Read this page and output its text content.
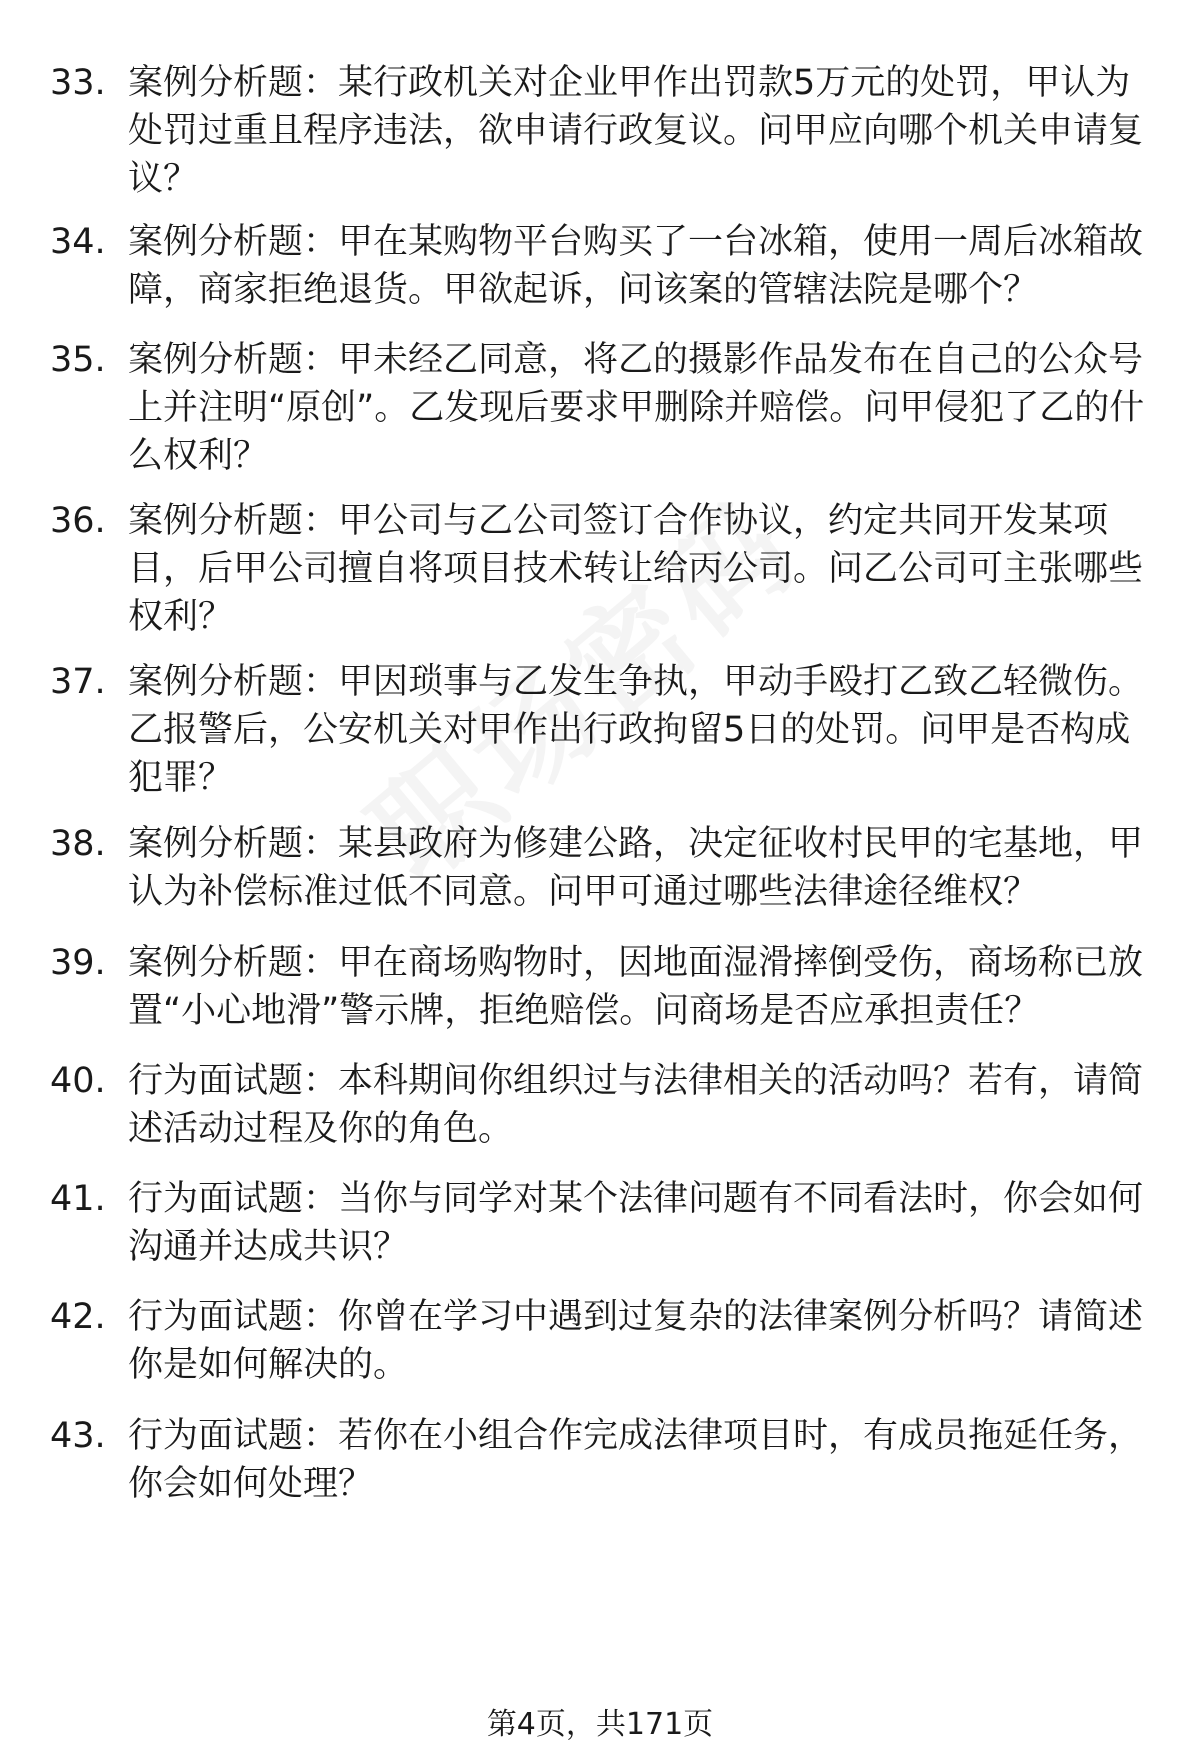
33. 案例分析题：某行政机关对企业甲作出罚款5万元的处罚，甲认为处罚过重且程序违法，欲申请行政复议。问甲应向哪个机关申请复议？
34. 案例分析题：甲在某购物平台购买了一台冰箱，使用一周后冰箱故障，商家拒绝退货。甲欲起诉，问该案的管辖法院是哪个？
35. 案例分析题：甲未经乙同意，将乙的摄影作品发布在自己的公众号上并注明“原创”。乙发现后要求甲删除并赔偿。问甲侵犯了乙的什么权利？
36. 案例分析题：甲公司与乙公司签订合作协议，约定共同开发某项目，后甲公司擅自将项目技术转让给丙公司。问乙公司可主张哪些权利？
37. 案例分析题：甲因琐事与乙发生争执，甲动手殴打乙致乙轻微伤。乙报警后，公安机关对甲作出行政拘留5日的处罚。问甲是否构成犯罪？
38. 案例分析题：某县政府为修建公路，决定征收村民甲的宅基地，甲认为补偿标准过低不同意。问甲可通过哪些法律途径维权？
39. 案例分析题：甲在商场购物时，因地面湿滑摔倒受伤，商场称已放置“小心地滑”警示牌，拒绝赔偿。问商场是否应承担责任？
40. 行为面试题：本科期间你组织过与法律相关的活动吗？若有，请简述活动过程及你的角色。
41. 行为面试题：当你与同学对某个法律问题有不同看法时，你会如何沟通并达成共识？
42. 行为面试题：你曾在学习中遇到过复杂的法律案例分析吗？请简述你是如何解决的。
43. 行为面试题：若你在小组合作完成法律项目时，有成员拖延任务，你会如何处理？
第4页，共171页
